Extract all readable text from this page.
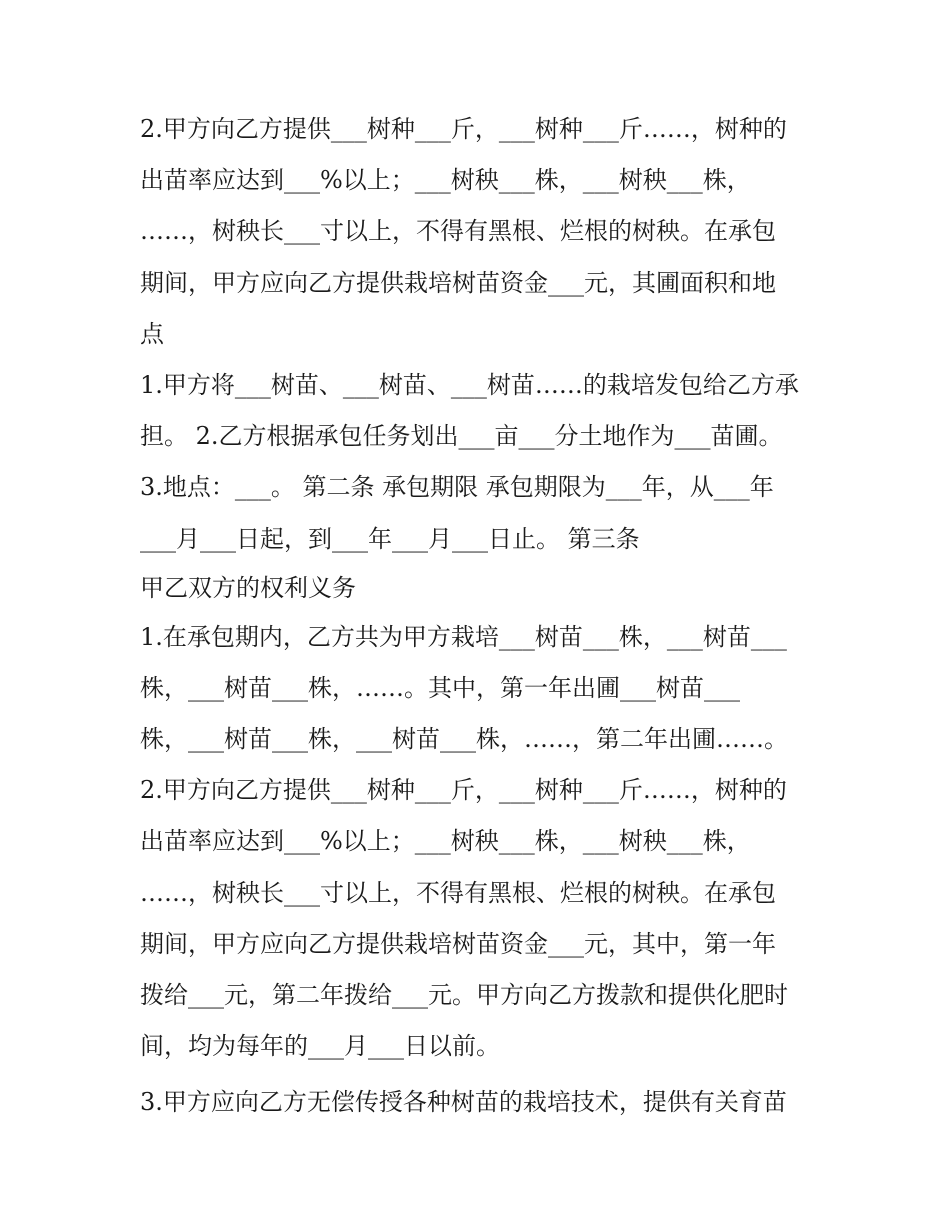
2.甲方向乙方提供___树种___斤，___树种___斤……，树种的
出苗率应达到___%以上；___树秧___株，___树秧___株，
……，树秧长___寸以上，不得有黑根、烂根的树秧。在承包
期间，甲方应向乙方提供栽培树苗资金___元，其圃面积和地
点
1.甲方将___树苗、___树苗、___树苗……的栽培发包给乙方承
担。 2.乙方根据承包任务划出___亩___分土地作为___苗圃。
3.地点：___。 第二条 承包期限 承包期限为___年，从___年
___月___日起，到___年___月___日止。 第三条
甲乙双方的权利义务
1.在承包期内，乙方共为甲方栽培___树苗___株，___树苗___
株，___树苗___株，……。其中，第一年出圃___树苗___
株，___树苗___株，___树苗___株，……，第二年出圃……。
2.甲方向乙方提供___树种___斤，___树种___斤……，树种的
出苗率应达到___%以上；___树秧___株，___树秧___株，
……，树秧长___寸以上，不得有黑根、烂根的树秧。在承包
期间，甲方应向乙方提供栽培树苗资金___元，其中，第一年
拨给___元，第二年拨给___元。甲方向乙方拨款和提供化肥时
间，均为每年的___月___日以前。
3.甲方应向乙方无偿传授各种树苗的栽培技术，提供有关育苗
